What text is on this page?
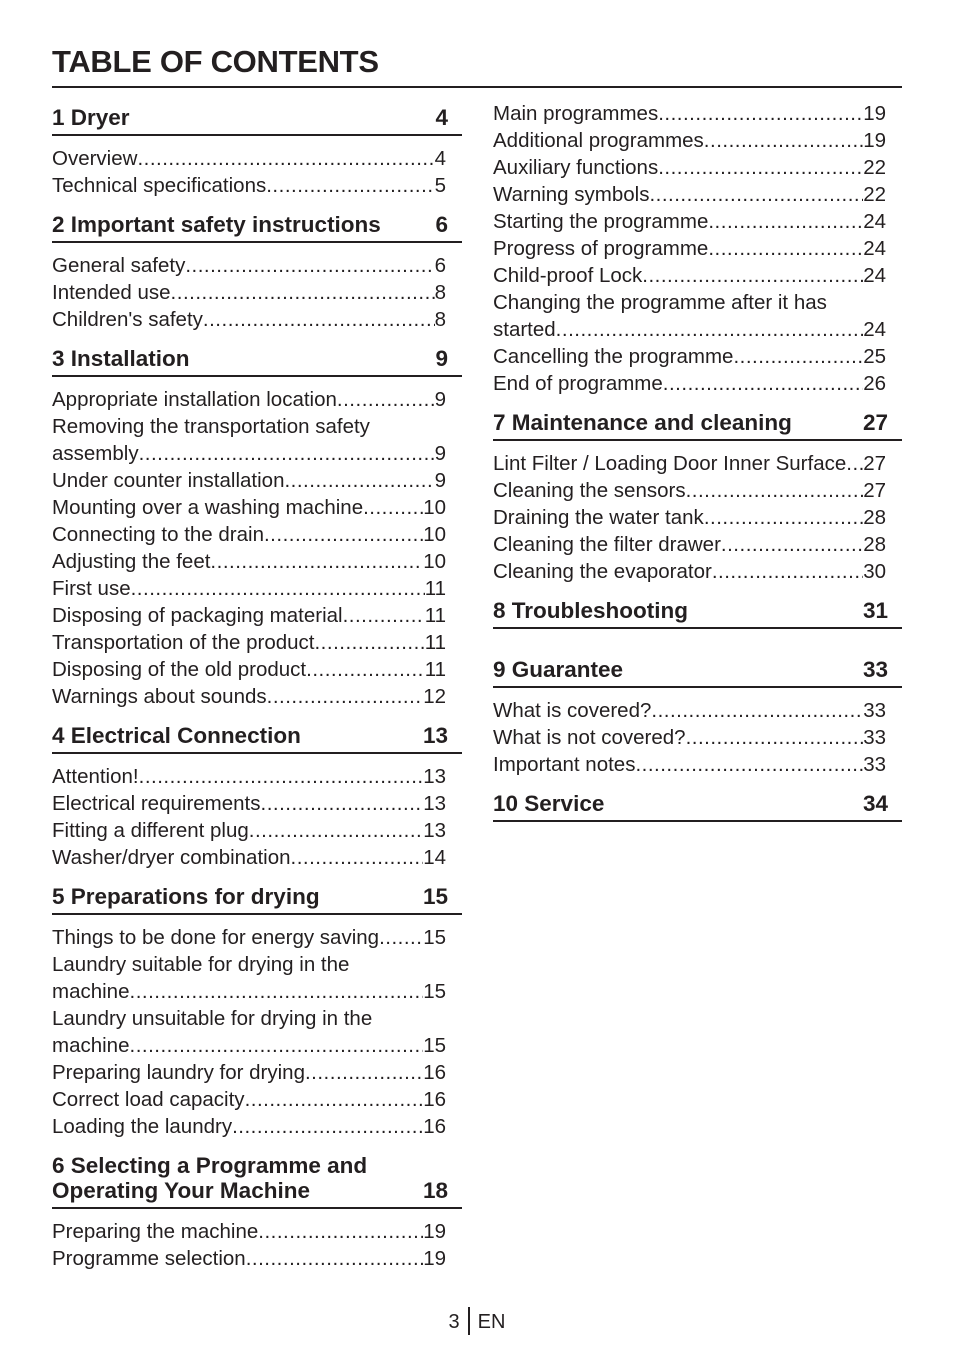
TABLE OF CONTENTS
1 Dryer	4
Overview .....	4
Technical specifications .....	5
2 Important safety instructions	6
General safety .....	6
Intended use .....	8
Children's safety .....	8
3 Installation	9
Appropriate installation location .....	9
Removing the transportation safety
assembly .....	9
Under counter installation .....	9
Mounting over a washing machine .....	10
Connecting to the drain .....	10
Adjusting the feet .....	10
First use .....	11
Disposing of packaging material .....	11
Transportation of the product .....	11
Disposing of the old product .....	11
Warnings about sounds .....	12
4 Electrical Connection	13
Attention! .....	13
Electrical requirements .....	13
Fitting a different plug .....	13
Washer/dryer combination .....	14
5 Preparations for drying	15
Things to be done for energy saving ..... 15
Laundry suitable for drying in the
machine .....	15
Laundry unsuitable for drying in the
machine .....	15
Preparing laundry for drying .....	16
Correct load capacity .....	16
Loading the laundry .....	16
6 Selecting a Programme and Operating Your Machine	18
Preparing the machine .....	19
Programme selection .....	19
Main programmes .....	19
Additional programmes .....	19
Auxiliary functions .....	22
Warning symbols .....	22
Starting the programme .....	24
Progress of programme .....	24
Child-proof Lock .....	24
Changing the programme after it has
started .....	24
Cancelling the programme .....	25
End of programme .....	26
7 Maintenance and cleaning	27
Lint Filter / Loading Door Inner Surface ..... 27
Cleaning the sensors .....	27
Draining the water tank .....	28
Cleaning the filter drawer .....	28
Cleaning the evaporator .....	30
8 Troubleshooting	31
9 Guarantee	33
What is covered? .....	33
What is not covered? .....	33
Important notes .....	33
10 Service	34
3 EN
